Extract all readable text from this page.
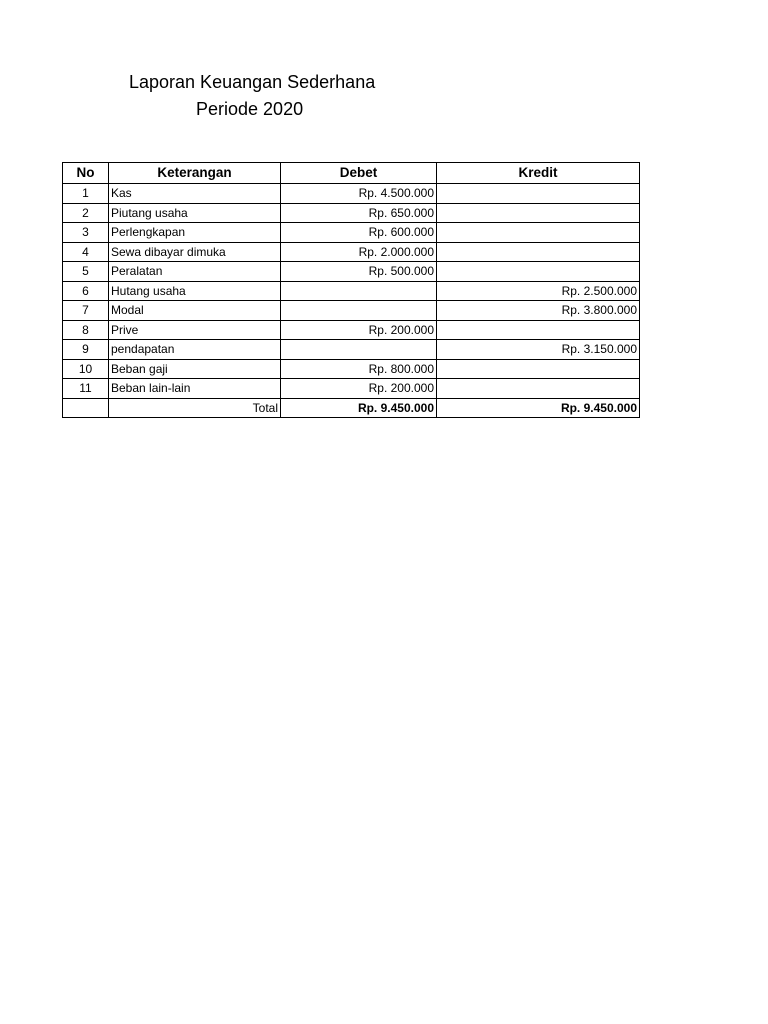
Laporan Keuangan Sederhana
Periode 2020
No	Keterangan	Debet	Kredit
1	Kas	Rp. 4.500.000	
2	Piutang usaha	Rp. 650.000	
3	Perlengkapan	Rp. 600.000	
4	Sewa dibayar dimuka	Rp. 2.000.000	
5	Peralatan	Rp. 500.000	
6	Hutang usaha		Rp. 2.500.000
7	Modal		Rp. 3.800.000
8	Prive	Rp. 200.000	
9	pendapatan		Rp. 3.150.000
10	Beban gaji	Rp. 800.000	
11	Beban lain-lain	Rp. 200.000	
	Total	Rp. 9.450.000	Rp. 9.450.000
